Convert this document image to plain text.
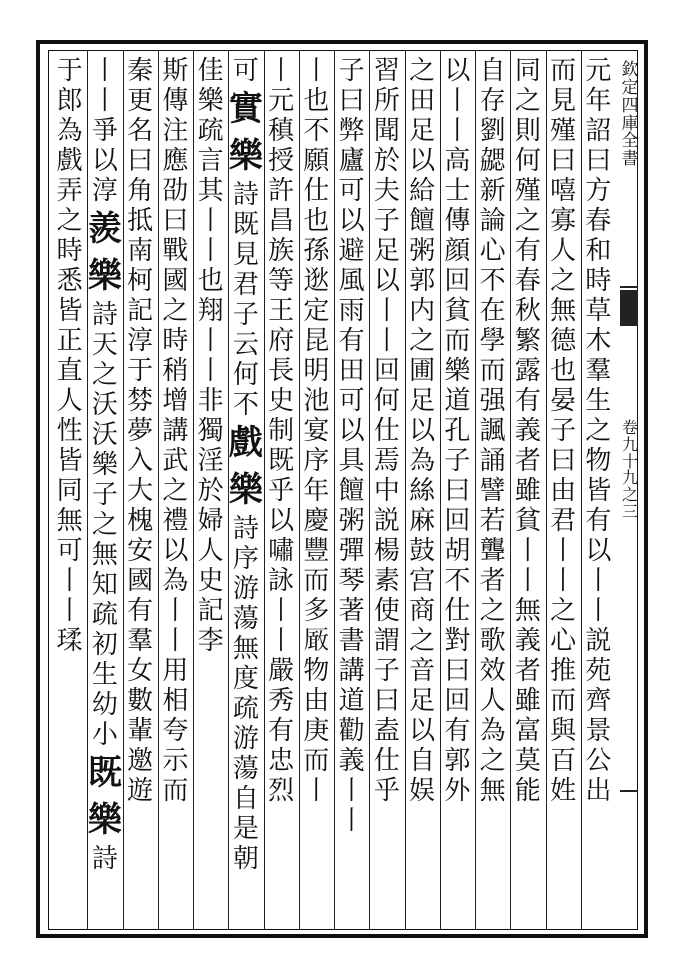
欽
定
四
庫
全
書
卷
九
十
九
之
三
元
年
詔
曰
方
春
和
時
草
木
羣
生
之
物
皆
有
以
丨
丨
説
苑
齊
景
公
出
而
見
殣
曰
嘻
寡
人
之
無
德
也
晏
子
曰
由
君
丨
丨
之
心
推
而
與
百
姓
同
之
則
何
殣
之
有
春
秋
繁
露
有
義
者
雖
貧
丨
丨
無
義
者
雖
富
莫
能
自
存
劉
勰
新
論
心
不
在
學
而
强
諷
誦
譬
若
聾
者
之
歌
效
人
為
之
無
以
丨
丨
高
士
傳
顔
回
貧
而
樂
道
孔
子
曰
回
胡
不
仕
對
曰
回
有
郭
外
之
田
足
以
給
饘
粥
郭
内
之
圃
足
以
為
絲
麻
鼓
宫
商
之
音
足
以
自
娱
習
所
聞
於
夫
子
足
以
丨
丨
回
何
仕
焉
中
説
楊
素
使
謂
子
曰
盍
仕
乎
子
曰
弊
廬
可
以
避
風
雨
有
田
可
以
具
饘
粥
彈
琴
著
書
講
道
勸
義
丨
丨
丨
也
不
願
仕
也
孫
逖
定
昆
明
池
宴
序
年
慶
豐
而
多
𠪚
物
由
庚
而
丨
丨
元
稹
授
許
昌
族
等
王
府
長
史
制
既
乎
以
嘯
詠
丨
丨
嚴
秀
有
忠
烈
可
實
樂
詩
既
見
君
子
云
何
不
戲
樂
詩
序
游
蕩
無
度
疏
游
蕩
自
是
朝
佳
樂
疏
言
其
丨
丨
也
翔
丨
丨
非
獨
淫
於
婦
人
史
記
李
斯
傳
注
應
劭
曰
戰
國
之
時
稍
增
講
武
之
禮
以
為
丨
丨
用
相
夸
示
而
秦
更
名
曰
角
抵
南
柯
記
淳
于
棼
夢
入
大
槐
安
國
有
羣
女
數
輩
邀
遊
丨
丨
爭
以
淳
羨
樂
詩
天
之
沃
沃
樂
子
之
無
知
疏
初
生
幼
小
既
樂
詩
于
郎
為
戲
弄
之
時
悉
皆
正
直
人
性
皆
同
無
可
丨
丨
瑈
